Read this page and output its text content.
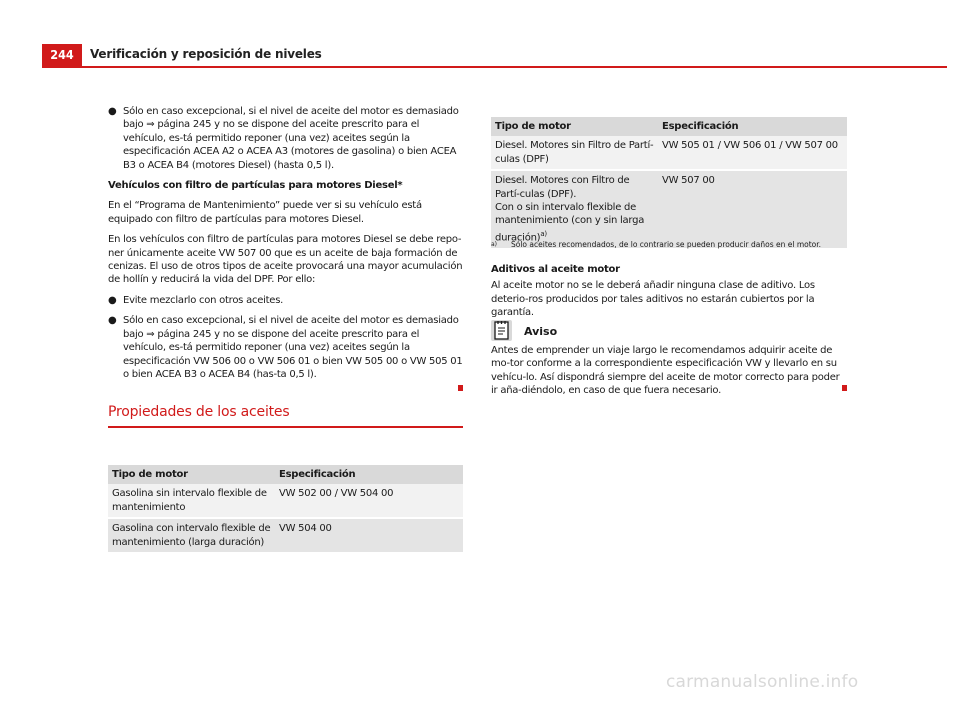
244	Verificación y reposición de niveles
● Sólo en caso excepcional, si el nivel de aceite del motor es demasiado bajo ⇒ página 245 y no se dispone del aceite prescrito para el vehículo, es-tá permitido reponer (una vez) aceites según la especificación ACEA A2 o ACEA A3 (motores de gasolina) o bien ACEA B3 o ACEA B4 (motores Diesel) (hasta 0,5 l).
Vehículos con filtro de partículas para motores Diesel*
En el “Programa de Mantenimiento” puede ver si su vehículo está equipado con filtro de partículas para motores Diesel.
En los vehículos con filtro de partículas para motores Diesel se debe repo-ner únicamente aceite VW 507 00 que es un aceite de baja formación de cenizas. El uso de otros tipos de aceite provocará una mayor acumulación de hollín y reducirá la vida del DPF. Por ello:
● Evite mezclarlo con otros aceites.
● Sólo en caso excepcional, si el nivel de aceite del motor es demasiado bajo ⇒ página 245 y no se dispone del aceite prescrito para el vehículo, es-tá permitido reponer (una vez) aceites según la especificación VW 506 00 o VW 506 01 o bien VW 505 00 o VW 505 01 o bien ACEA B3 o ACEA B4 (has-ta 0,5 l).
Propiedades de los aceites
Tipo de motor	Especificación
Gasolina sin intervalo flexible de mantenimiento	VW 502 00 / VW 504 00
Gasolina con intervalo flexible de mantenimiento (larga duración)	VW 504 00
Tipo de motor	Especificación
Diesel. Motores sin Filtro de Partí-culas (DPF)	VW 505 01 / VW 506 01 / VW 507 00
Diesel. Motores con Filtro de Partí-culas (DPF).
Con o sin intervalo flexible de mantenimiento (con y sin larga duración)$^{a)}$	VW 507 00
a) Sólo aceites recomendados, de lo contrario se pueden producir daños en el motor.
Aditivos al aceite motor
Al aceite motor no se le deberá añadir ninguna clase de aditivo. Los deterio-ros producidos por tales aditivos no estarán cubiertos por la garantía.
Aviso
Antes de emprender un viaje largo le recomendamos adquirir aceite de mo-tor conforme a la correspondiente especificación VW y llevarlo en su vehícu-lo. Así dispondrá siempre del aceite de motor correcto para poder ir aña-diéndolo, en caso de que fuera necesario.
carmanualsonline.info
